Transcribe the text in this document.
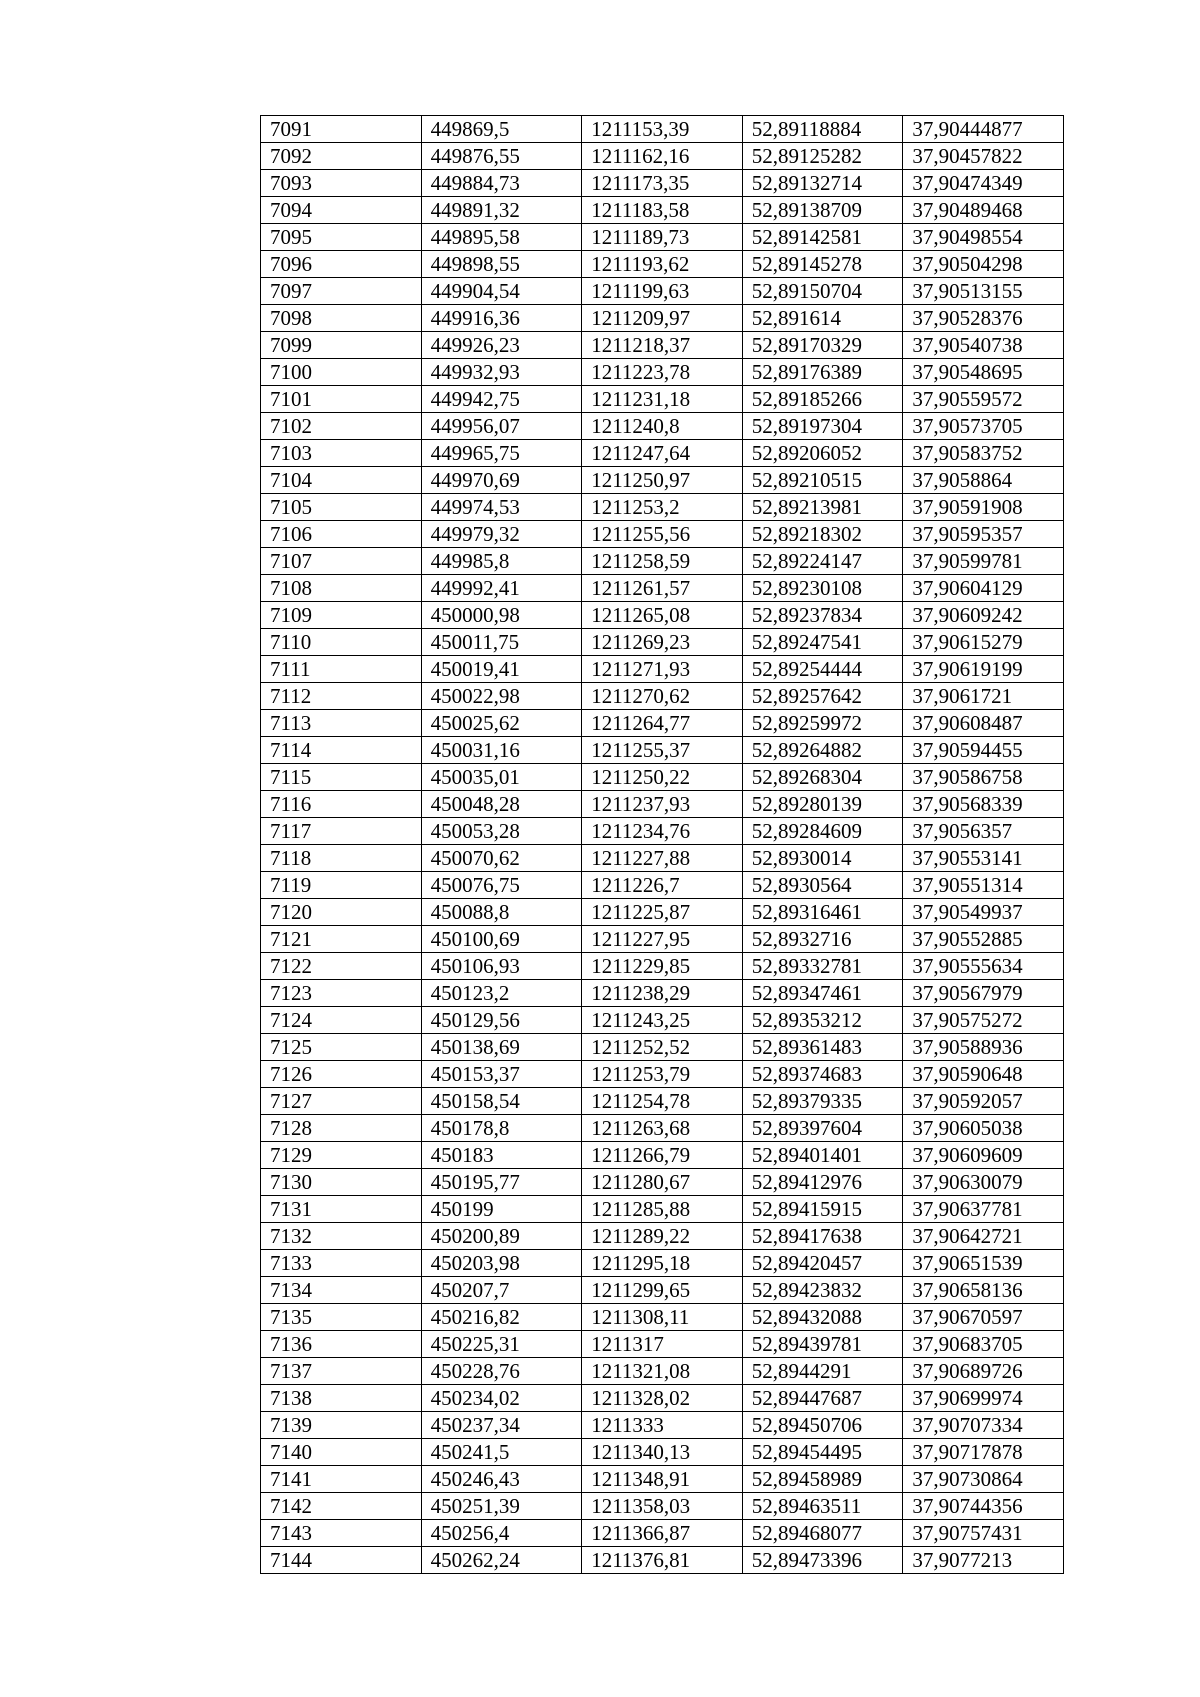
7091	449869,5	1211153,39	52,89118884	37,90444877
7092	449876,55	1211162,16	52,89125282	37,90457822
7093	449884,73	1211173,35	52,89132714	37,90474349
7094	449891,32	1211183,58	52,89138709	37,90489468
7095	449895,58	1211189,73	52,89142581	37,90498554
7096	449898,55	1211193,62	52,89145278	37,90504298
7097	449904,54	1211199,63	52,89150704	37,90513155
7098	449916,36	1211209,97	52,891614	37,90528376
7099	449926,23	1211218,37	52,89170329	37,90540738
7100	449932,93	1211223,78	52,89176389	37,90548695
7101	449942,75	1211231,18	52,89185266	37,90559572
7102	449956,07	1211240,8	52,89197304	37,90573705
7103	449965,75	1211247,64	52,89206052	37,90583752
7104	449970,69	1211250,97	52,89210515	37,9058864
7105	449974,53	1211253,2	52,89213981	37,90591908
7106	449979,32	1211255,56	52,89218302	37,90595357
7107	449985,8	1211258,59	52,89224147	37,90599781
7108	449992,41	1211261,57	52,89230108	37,90604129
7109	450000,98	1211265,08	52,89237834	37,90609242
7110	450011,75	1211269,23	52,89247541	37,90615279
7111	450019,41	1211271,93	52,89254444	37,90619199
7112	450022,98	1211270,62	52,89257642	37,9061721
7113	450025,62	1211264,77	52,89259972	37,90608487
7114	450031,16	1211255,37	52,89264882	37,90594455
7115	450035,01	1211250,22	52,89268304	37,90586758
7116	450048,28	1211237,93	52,89280139	37,90568339
7117	450053,28	1211234,76	52,89284609	37,9056357
7118	450070,62	1211227,88	52,8930014	37,90553141
7119	450076,75	1211226,7	52,8930564	37,90551314
7120	450088,8	1211225,87	52,89316461	37,90549937
7121	450100,69	1211227,95	52,8932716	37,90552885
7122	450106,93	1211229,85	52,89332781	37,90555634
7123	450123,2	1211238,29	52,89347461	37,90567979
7124	450129,56	1211243,25	52,89353212	37,90575272
7125	450138,69	1211252,52	52,89361483	37,90588936
7126	450153,37	1211253,79	52,89374683	37,90590648
7127	450158,54	1211254,78	52,89379335	37,90592057
7128	450178,8	1211263,68	52,89397604	37,90605038
7129	450183	1211266,79	52,89401401	37,90609609
7130	450195,77	1211280,67	52,89412976	37,90630079
7131	450199	1211285,88	52,89415915	37,90637781
7132	450200,89	1211289,22	52,89417638	37,90642721
7133	450203,98	1211295,18	52,89420457	37,90651539
7134	450207,7	1211299,65	52,89423832	37,90658136
7135	450216,82	1211308,11	52,89432088	37,90670597
7136	450225,31	1211317	52,89439781	37,90683705
7137	450228,76	1211321,08	52,8944291	37,90689726
7138	450234,02	1211328,02	52,89447687	37,90699974
7139	450237,34	1211333	52,89450706	37,90707334
7140	450241,5	1211340,13	52,89454495	37,90717878
7141	450246,43	1211348,91	52,89458989	37,90730864
7142	450251,39	1211358,03	52,89463511	37,90744356
7143	450256,4	1211366,87	52,89468077	37,90757431
7144	450262,24	1211376,81	52,89473396	37,9077213
